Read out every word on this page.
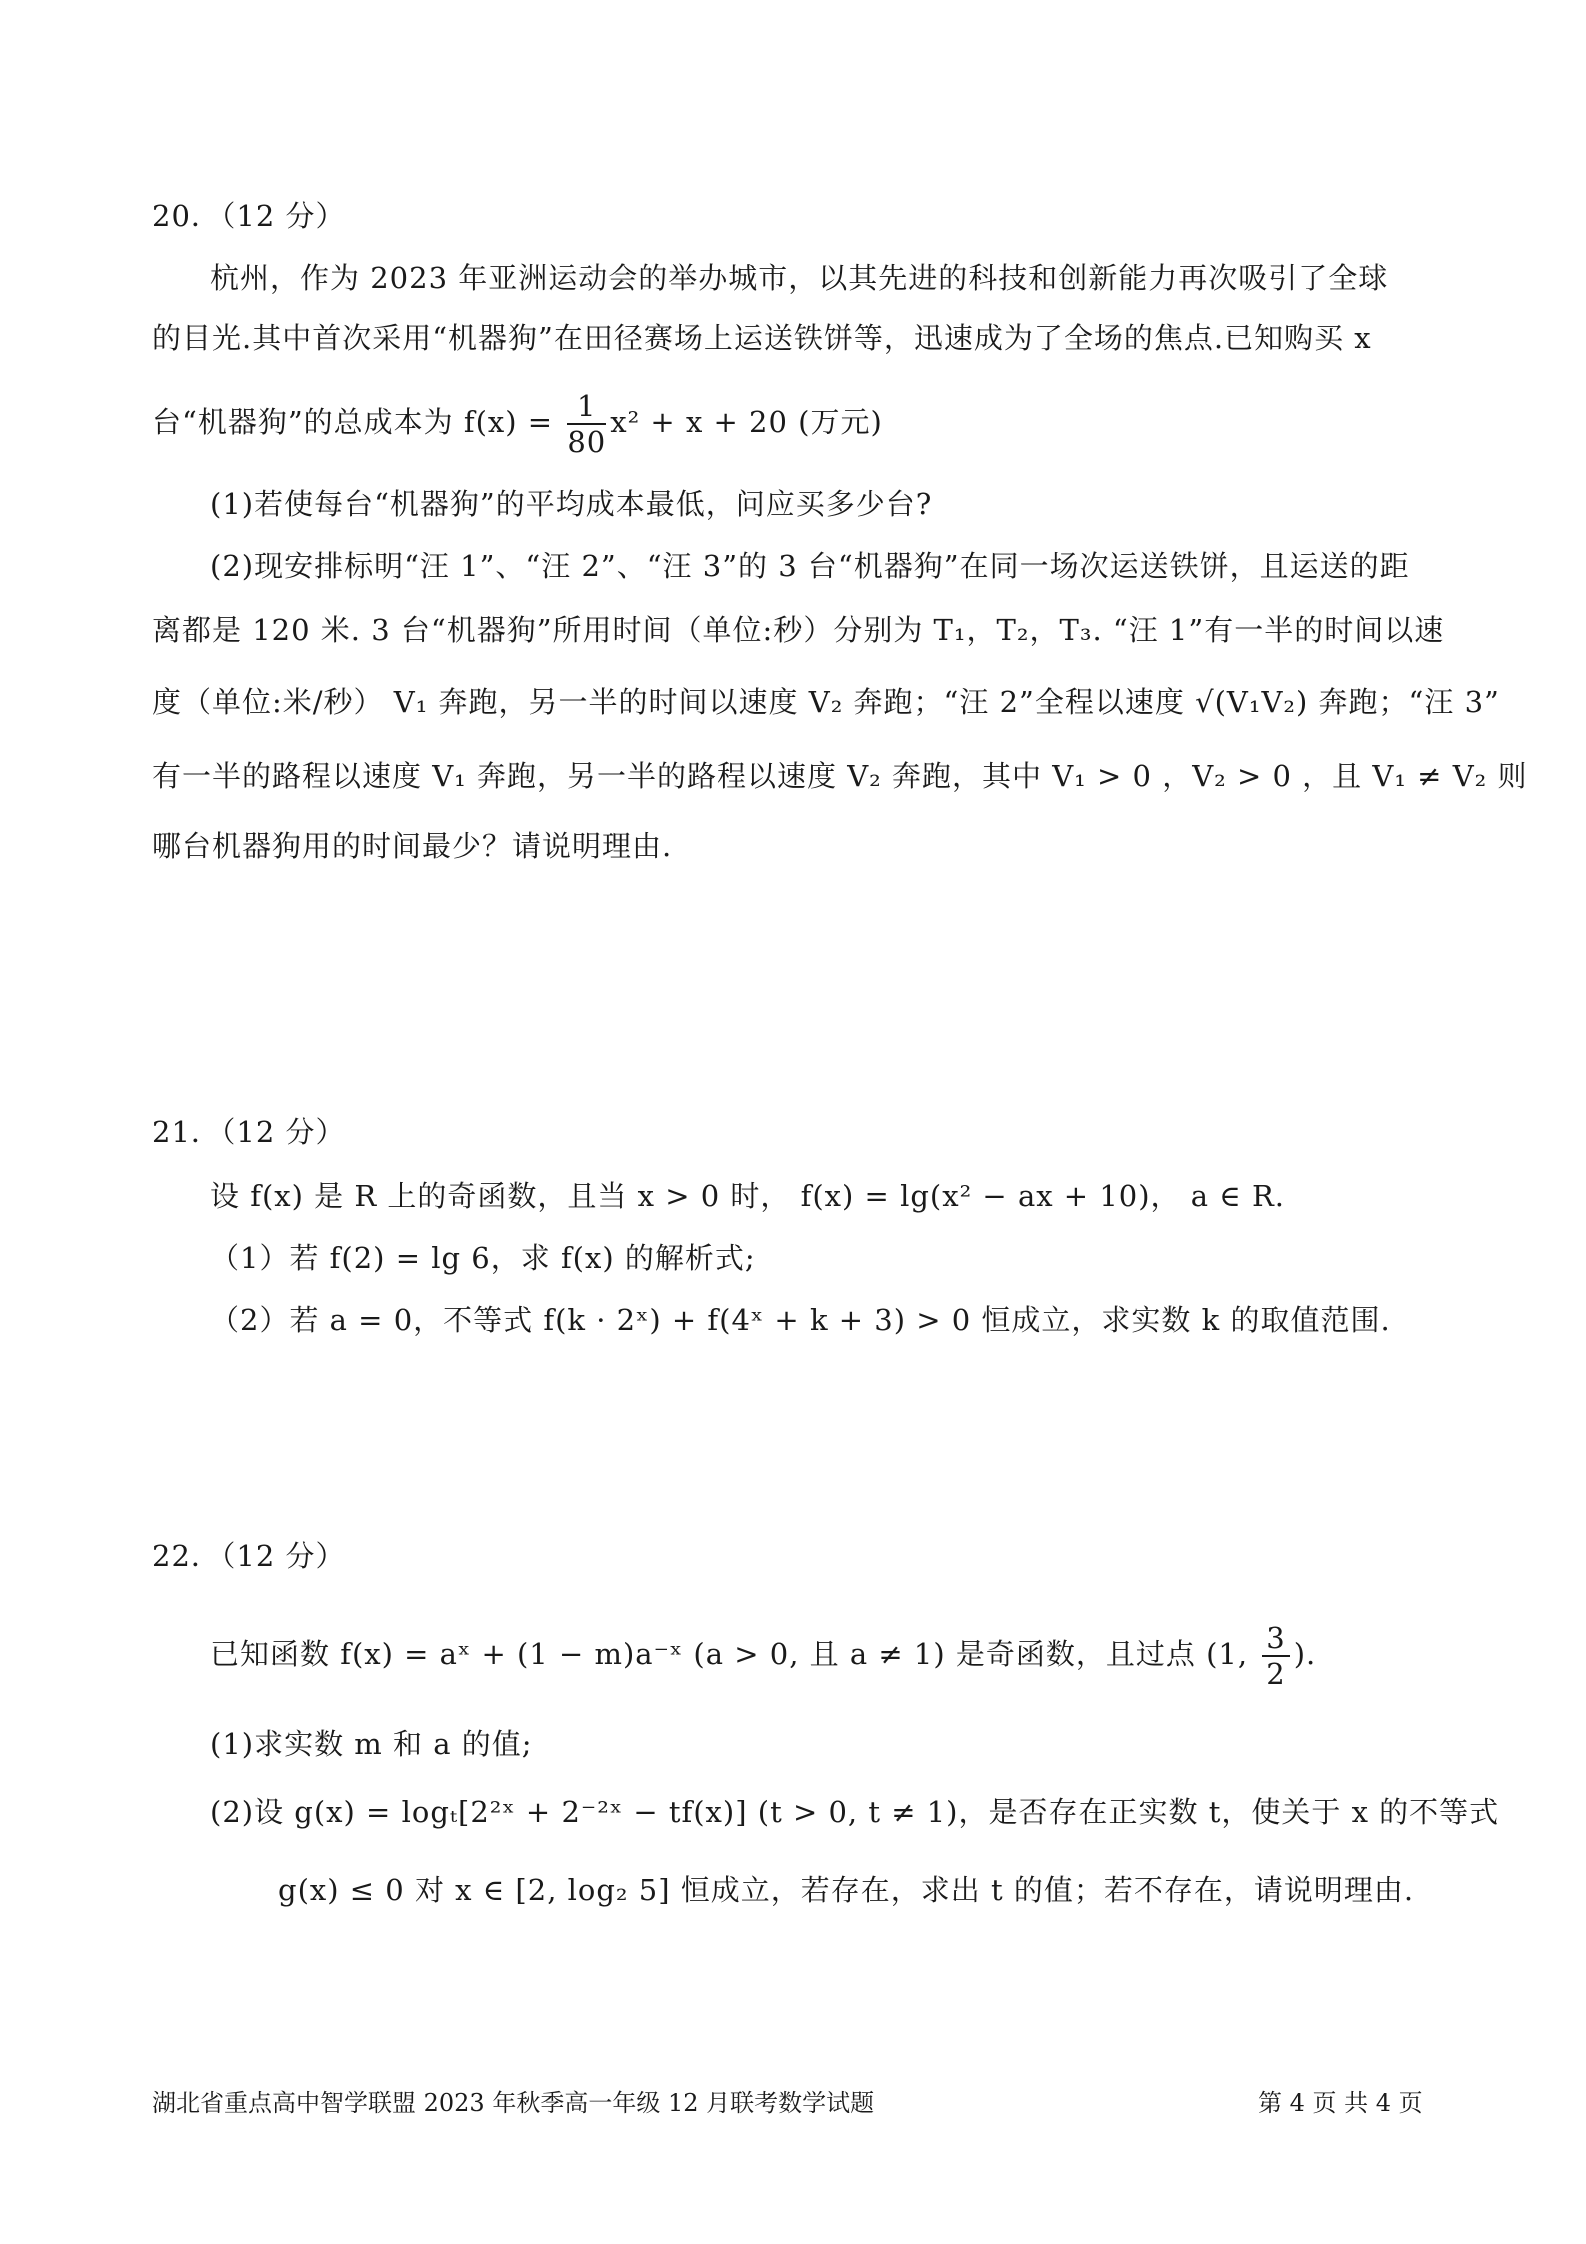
20．（12 分）
杭州，作为 2023 年亚洲运动会的举办城市，以其先进的科技和创新能力再次吸引了全球
的目光.其中首次采用“机器狗”在田径赛场上运送铁饼等，迅速成为了全场的焦点.已知购买 x
台“机器狗”的总成本为 $f(x) = \frac{1}{80} x^2 + x + 20$ (万元)
(1)若使每台“机器狗”的平均成本最低，问应买多少台?
(2)现安排标明“汪 1”、“汪 2”、“汪 3”的 3 台“机器狗”在同一场次运送铁饼，且运送的距
离都是 120 米. 3 台“机器狗”所用时间（单位:秒）分别为 T₁，T₂，T₃. “汪 1”有一半的时间以速
度（单位:米/秒） V₁ 奔跑，另一半的时间以速度 V₂ 奔跑；“汪 2”全程以速度 √(V₁V₂) 奔跑；“汪 3”
有一半的路程以速度 V₁ 奔跑，另一半的路程以速度 V₂ 奔跑，其中 V₁ > 0 ，V₂ > 0 ，且 V₁ ≠ V₂ 则
哪台机器狗用的时间最少？请说明理由.
21．（12 分）
设 f(x) 是 R 上的奇函数，且当 x > 0 时， f(x) = lg(x² − ax + 10)， a ∈ R.
（1）若 f(2) = lg 6，求 f(x) 的解析式;
（2）若 a = 0，不等式 f(k · 2ˣ) + f(4ˣ + k + 3) > 0 恒成立，求实数 k 的取值范围.
22．（12 分）
已知函数 f(x) = aˣ + (1 − m)a⁻ˣ (a > 0, 且 a ≠ 1) 是奇函数，且过点 (1, $\frac{3}{2}$ ).
(1)求实数 m 和 a 的值;
(2)设 g(x) = logₜ[2²ˣ + 2⁻²ˣ − tf(x)] (t > 0, t ≠ 1)，是否存在正实数 t，使关于 x 的不等式
g(x) ≤ 0 对 x ∈ [2, log₂ 5] 恒成立，若存在，求出 t 的值；若不存在，请说明理由.
湖北省重点高中智学联盟 2023 年秋季高一年级 12 月联考数学试题	第 4 页 共 4 页
